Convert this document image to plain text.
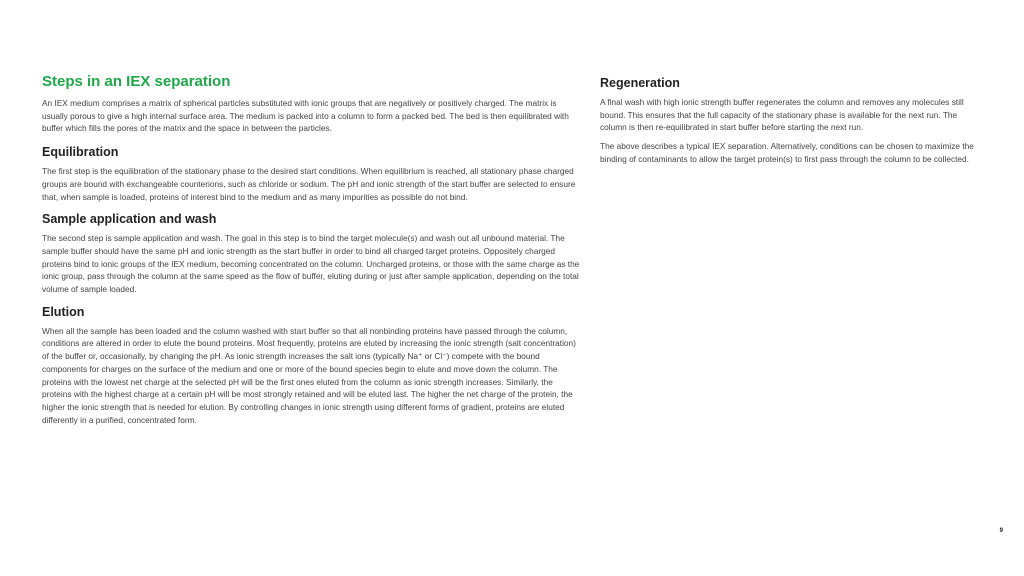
Steps in an IEX separation

An IEX medium comprises a matrix of spherical particles substituted with ionic groups that are negatively or positively charged. The matrix is usually porous to give a high internal surface area. The medium is packed into a column to form a packed bed. The bed is then equilibrated with buffer which fills the pores of the matrix and the space in between the particles.

Equilibration

The first step is the equilibration of the stationary phase to the desired start conditions. When equilibrium is reached, all stationary phase charged groups are bound with exchangeable counterions, such as chloride or sodium. The pH and ionic strength of the start buffer are selected to ensure that, when sample is loaded, proteins of interest bind to the medium and as many impurities as possible do not bind.

Sample application and wash

The second step is sample application and wash. The goal in this step is to bind the target molecule(s) and wash out all unbound material. The sample buffer should have the same pH and ionic strength as the start buffer in order to bind all charged target proteins. Oppositely charged proteins bind to ionic groups of the IEX medium, becoming concentrated on the column. Uncharged proteins, or those with the same charge as the ionic group, pass through the column at the same speed as the flow of buffer, eluting during or just after sample application, depending on the total volume of sample loaded.

Elution

When all the sample has been loaded and the column washed with start buffer so that all nonbinding proteins have passed through the column, conditions are altered in order to elute the bound proteins. Most frequently, proteins are eluted by increasing the ionic strength (salt concentration) of the buffer or, occasionally, by changing the pH. As ionic strength increases the salt ions (typically Na⁺ or Cl⁻) compete with the bound components for charges on the surface of the medium and one or more of the bound species begin to elute and move down the column. The proteins with the lowest net charge at the selected pH will be the first ones eluted from the column as ionic strength increases. Similarly, the proteins with the highest charge at a certain pH will be most strongly retained and will be eluted last. The higher the net charge of the protein, the higher the ionic strength that is needed for elution. By controlling changes in ionic strength using different forms of gradient, proteins are eluted differently in a purified, concentrated form.

Regeneration

A final wash with high ionic strength buffer regenerates the column and removes any molecules still bound. This ensures that the full capacity of the stationary phase is available for the next run. The column is then re-equilibrated in start buffer before starting the next run.

The above describes a typical IEX separation. Alternatively, conditions can be chosen to maximize the binding of contaminants to allow the target protein(s) to first pass through the column to be collected.

9
